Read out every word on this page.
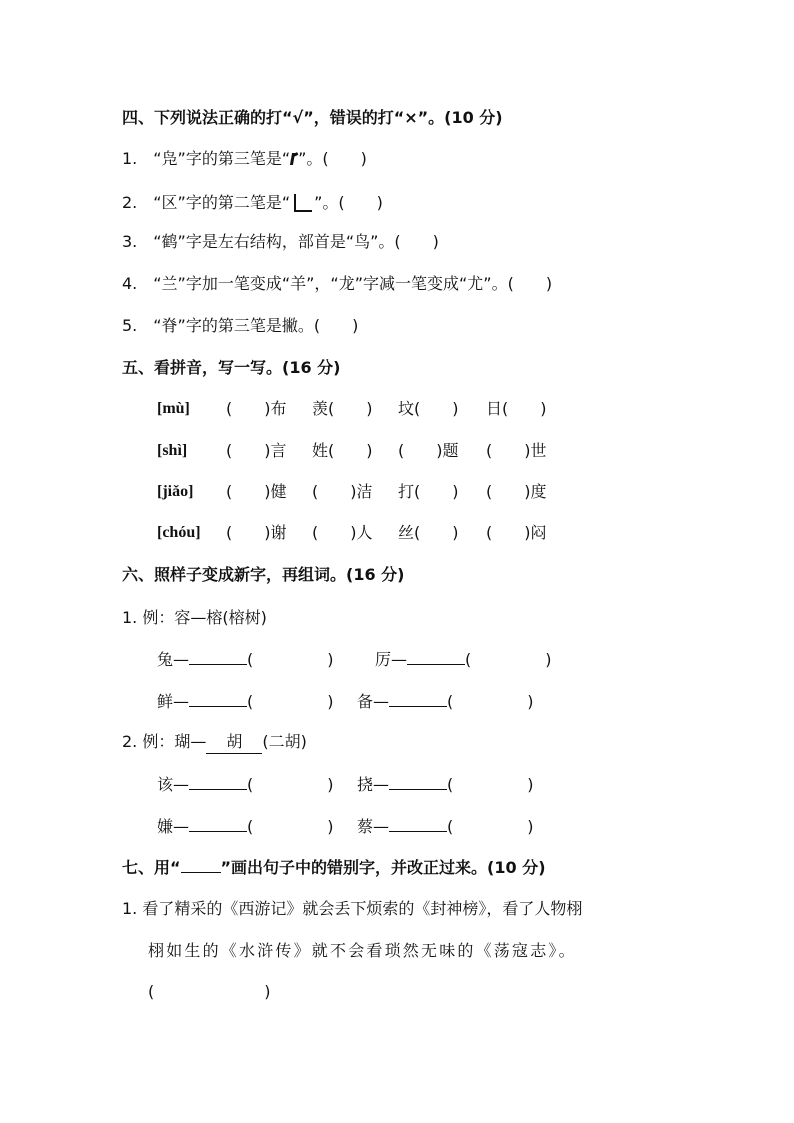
四、下列说法正确的打“√”，错误的打“×”。(10 分)
1.　“凫”字的第三笔是“ ”。(　　)
2.　“区”字的第二笔是“ ”。(　　)
3.　“鹤”字是左右结构，部首是“鸟”。(　　)
4.　“兰”字加一笔变成“羊”，“龙”字减一笔变成“尤”。(　　)
5.　“脊”字的第三笔是撇。(　　)
五、看拼音，写一写。(16 分)
[mù] (　　)布 羡(　　) 坟(　　) 日(　　)
[shì] (　　)言 姓(　　) (　　)题 (　　)世
[jiǎo] (　　)健 (　　)洁 打(　　) (　　)度
[chóu] (　　)谢 (　　)人 丝(　　) (　　)闷
六、照样子变成新字，再组词。(16 分)
1. 例：容—榕(榕树)
兔—	(	)	厉—	(	)
鲜—	(	) 备—	(	)
2. 例：瑚— 胡 (二胡)
该—	(	) 挠—	(	)
嫌—	(	) 蔡—	(	)
七、用“	”画出句子中的错别字，并改正过来。(10 分)
1. 看了精采的《西游记》就会丢下烦索的《封神榜》，看了人物栩
栩如生的《水浒传》就不会看琐然无味的《荡寇志》。
(	)
